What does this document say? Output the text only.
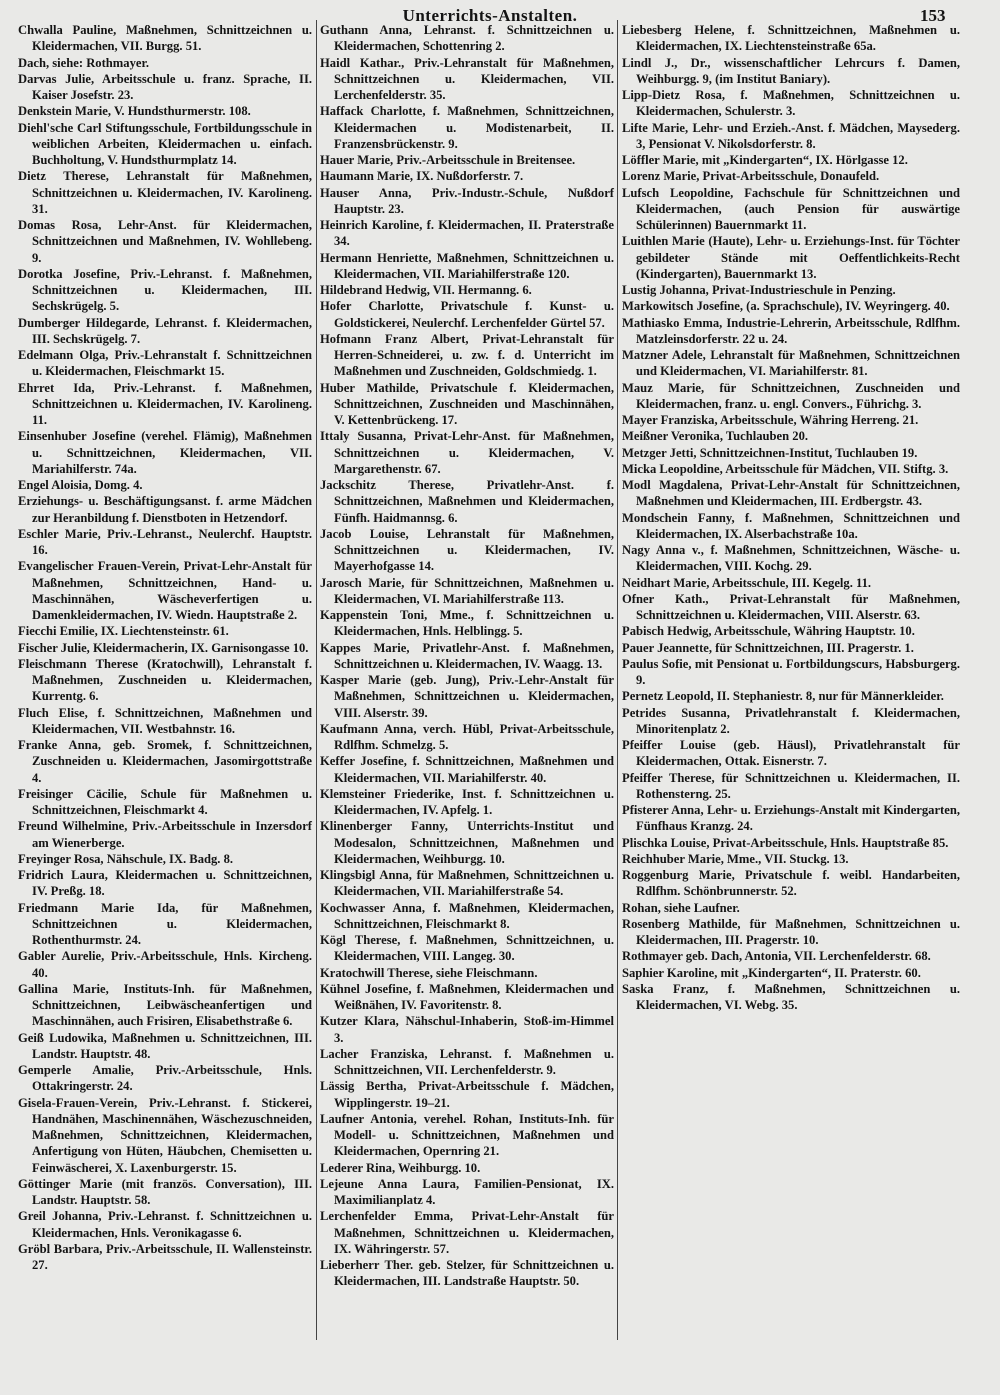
Unterrichts-Anstalten.	153

Chwalla Pauline, Maßnehmen, Schnittzeichnen u. Kleidermachen, VII. Burgg. 51.

Dach, siehe: Rothmayer.

Darvas Julie, Arbeitsschule u. franz. Sprache, II. Kaiser Josefstr. 23.

Denkstein Marie, V. Hundsthurmerstr. 108.

Diehl'sche Carl Stiftungsschule, Fortbildungsschule in weiblichen Arbeiten, Kleidermachen u. einfach. Buchholtung, V. Hundsthurmplatz 14.

Dietz Therese, Lehranstalt für Maßnehmen, Schnittzeichnen u. Kleidermachen, IV. Karolineng. 31.

Domas Rosa, Lehr-Anst. für Kleidermachen, Schnittzeichnen und Maßnehmen, IV. Wohllebeng. 9.

Dorotka Josefine, Priv.-Lehranst. f. Maßnehmen, Schnittzeichnen u. Kleidermachen, III. Sechskrügelg. 5.

Dumberger Hildegarde, Lehranst. f. Kleidermachen, III. Sechskrügelg. 7.

Edelmann Olga, Priv.-Lehranstalt f. Schnittzeichnen u. Kleidermachen, Fleischmarkt 15.

Ehrret Ida, Priv.-Lehranst. f. Maßnehmen, Schnittzeichnen u. Kleidermachen, IV. Karolineng. 11.

Einsenhuber Josefine (verehel. Flämig), Maßnehmen u. Schnittzeichnen, Kleidermachen, VII. Mariahilferstr. 74a.

Engel Aloisia, Domg. 4.

Erziehungs- u. Beschäftigungsanst. f. arme Mädchen zur Heranbildung f. Dienstboten in Hetzendorf.

Eschler Marie, Priv.-Lehranst., Neulerchf. Hauptstr. 16.

Evangelischer Frauen-Verein, Privat-Lehr-Anstalt für Maßnehmen, Schnittzeichnen, Hand- u. Maschinnähen, Wäscheverfertigen u. Damenkleidermachen, IV. Wiedn. Hauptstraße 2.

Fiecchi Emilie, IX. Liechtensteinstr. 61.

Fischer Julie, Kleidermacherin, IX. Garnisongasse 10.

Fleischmann Therese (Kratochwill), Lehranstalt f. Maßnehmen, Zuschneiden u. Kleidermachen, Kurrentg. 6.

Fluch Elise, f. Schnittzeichnen, Maßnehmen und Kleidermachen, VII. Westbahnstr. 16.

Franke Anna, geb. Sromek, f. Schnittzeichnen, Zuschneiden u. Kleidermachen, Jasomirgottstraße 4.

Freisinger Cäcilie, Schule für Maßnehmen u. Schnittzeichnen, Fleischmarkt 4.

Freund Wilhelmine, Priv.-Arbeitsschule in Inzersdorf am Wienerberge.

Freyinger Rosa, Nähschule, IX. Badg. 8.

Fridrich Laura, Kleidermachen u. Schnittzeichnen, IV. Preßg. 18.

Friedmann Marie Ida, für Maßnehmen, Schnittzeichnen u. Kleidermachen, Rothenthurmstr. 24.

Gabler Aurelie, Priv.-Arbeitsschule, Hnls. Kircheng. 40.

Gallina Marie, Instituts-Inh. für Maßnehmen, Schnittzeichnen, Leibwäscheanfertigen und Maschinnähen, auch Frisiren, Elisabethstraße 6.

Geiß Ludowika, Maßnehmen u. Schnittzeichnen, III. Landstr. Hauptstr. 48.

Gemperle Amalie, Priv.-Arbeitsschule, Hnls. Ottakringerstr. 24.

Gisela-Frauen-Verein, Priv.-Lehranst. f. Stickerei, Handnähen, Maschinennähen, Wäschezuschneiden, Maßnehmen, Schnittzeichnen, Kleidermachen, Anfertigung von Hüten, Häubchen, Chemisetten u. Feinwäscherei, X. Laxenburgerstr. 15.

Göttinger Marie (mit französ. Conversation), III. Landstr. Hauptstr. 58.

Greil Johanna, Priv.-Lehranst. f. Schnittzeichnen u. Kleidermachen, Hnls. Veronikagasse 6.

Gröbl Barbara, Priv.-Arbeitsschule, II. Wallensteinstr. 27.

Guthann Anna, Lehranst. f. Schnittzeichnen u. Kleidermachen, Schottenring 2.

Haidl Kathar., Priv.-Lehranstalt für Maßnehmen, Schnittzeichnen u. Kleidermachen, VII. Lerchenfelderstr. 35.

Haffack Charlotte, f. Maßnehmen, Schnittzeichnen, Kleidermachen u. Modistenarbeit, II. Franzensbrückenstr. 9.

Hauer Marie, Priv.-Arbeitsschule in Breitensee.

Haumann Marie, IX. Nußdorferstr. 7.

Hauser Anna, Priv.-Industr.-Schule, Nußdorf Hauptstr. 23.

Heinrich Karoline, f. Kleidermachen, II. Praterstraße 34.

Hermann Henriette, Maßnehmen, Schnittzeichnen u. Kleidermachen, VII. Mariahilferstraße 120.

Hildebrand Hedwig, VII. Hermanng. 6.

Hofer Charlotte, Privatschule f. Kunst- u. Goldstickerei, Neulerchf. Lerchenfelder Gürtel 57.

Hofmann Franz Albert, Privat-Lehranstalt für Herren-Schneiderei, u. zw. f. d. Unterricht im Maßnehmen und Zuschneiden, Goldschmiedg. 1.

Huber Mathilde, Privatschule f. Kleidermachen, Schnittzeichnen, Zuschneiden und Maschinnähen, V. Kettenbrückeng. 17.

Ittaly Susanna, Privat-Lehr-Anst. für Maßnehmen, Schnittzeichnen u. Kleidermachen, V. Margarethenstr. 67.

Jackschitz Therese, Privatlehr-Anst. f. Schnittzeichnen, Maßnehmen und Kleidermachen, Fünfh. Haidmannsg. 6.

Jacob Louise, Lehranstalt für Maßnehmen, Schnittzeichnen u. Kleidermachen, IV. Mayerhofgasse 14.

Jarosch Marie, für Schnittzeichnen, Maßnehmen u. Kleidermachen, VI. Mariahilferstraße 113.

Kappenstein Toni, Mme., f. Schnittzeichnen u. Kleidermachen, Hnls. Helblingg. 5.

Kappes Marie, Privatlehr-Anst. f. Maßnehmen, Schnittzeichnen u. Kleidermachen, IV. Waagg. 13.

Kasper Marie (geb. Jung), Priv.-Lehr-Anstalt für Maßnehmen, Schnittzeichnen u. Kleidermachen, VIII. Alserstr. 39.

Kaufmann Anna, verch. Hübl, Privat-Arbeitsschule, Rdlfhm. Schmelzg. 5.

Keffer Josefine, f. Schnittzeichnen, Maßnehmen und Kleidermachen, VII. Mariahilferstr. 40.

Klemsteiner Friederike, Inst. f. Schnittzeichnen u. Kleidermachen, IV. Apfelg. 1.

Klinenberger Fanny, Unterrichts-Institut und Modesalon, Schnittzeichnen, Maßnehmen und Kleidermachen, Weihburgg. 10.

Klingsbigl Anna, für Maßnehmen, Schnittzeichnen u. Kleidermachen, VII. Mariahilferstraße 54.

Kochwasser Anna, f. Maßnehmen, Kleidermachen, Schnittzeichnen, Fleischmarkt 8.

Kögl Therese, f. Maßnehmen, Schnittzeichnen, u. Kleidermachen, VIII. Langeg. 30.

Kratochwill Therese, siehe Fleischmann.

Kühnel Josefine, f. Maßnehmen, Kleidermachen und Weißnähen, IV. Favoritenstr. 8.

Kutzer Klara, Nähschul-Inhaberin, Stoß-im-Himmel 3.

Lacher Franziska, Lehranst. f. Maßnehmen u. Schnittzeichnen, VII. Lerchenfelderstr. 9.

Lässig Bertha, Privat-Arbeitsschule f. Mädchen, Wipplingerstr. 19–21.

Laufner Antonia, verehel. Rohan, Instituts-Inh. für Modell- u. Schnittzeichnen, Maßnehmen und Kleidermachen, Opernring 21.

Lederer Rina, Weihburgg. 10.

Lejeune Anna Laura, Familien-Pensionat, IX. Maximilianplatz 4.

Lerchenfelder Emma, Privat-Lehr-Anstalt für Maßnehmen, Schnittzeichnen u. Kleidermachen, IX. Währingerstr. 57.

Lieberherr Ther. geb. Stelzer, für Schnittzeichnen u. Kleidermachen, III. Landstraße Hauptstr. 50.

Liebesberg Helene, f. Schnittzeichnen, Maßnehmen u. Kleidermachen, IX. Liechtensteinstraße 65a.

Lindl J., Dr., wissenschaftlicher Lehrcurs f. Damen, Weihburgg. 9, (im Institut Baniary).

Lipp-Dietz Rosa, f. Maßnehmen, Schnittzeichnen u. Kleidermachen, Schulerstr. 3.

Lifte Marie, Lehr- und Erzieh.-Anst. f. Mädchen, Maysederg. 3, Pensionat V. Nikolsdorferstr. 8.

Löffler Marie, mit „Kindergarten“, IX. Hörlgasse 12.

Lorenz Marie, Privat-Arbeitsschule, Donaufeld.

Lufsch Leopoldine, Fachschule für Schnittzeichnen und Kleidermachen, (auch Pension für auswärtige Schülerinnen) Bauernmarkt 11.

Luithlen Marie (Haute), Lehr- u. Erziehungs-Inst. für Töchter gebildeter Stände mit Oeffentlichkeits-Recht (Kindergarten), Bauernmarkt 13.

Lustig Johanna, Privat-Industrieschule in Penzing.

Markowitsch Josefine, (a. Sprachschule), IV. Weyringerg. 40.

Mathiasko Emma, Industrie-Lehrerin, Arbeitsschule, Rdlfhm. Matzleinsdorferstr. 22 u. 24.

Matzner Adele, Lehranstalt für Maßnehmen, Schnittzeichnen und Kleidermachen, VI. Mariahilferstr. 81.

Mauz Marie, für Schnittzeichnen, Zuschneiden und Kleidermachen, franz. u. engl. Convers., Führichg. 3.

Mayer Franziska, Arbeitsschule, Währing Herreng. 21.

Meißner Veronika, Tuchlauben 20.

Metzger Jetti, Schnittzeichnen-Institut, Tuchlauben 19.

Micka Leopoldine, Arbeitsschule für Mädchen, VII. Stiftg. 3.

Modl Magdalena, Privat-Lehr-Anstalt für Schnittzeichnen, Maßnehmen und Kleidermachen, III. Erdbergstr. 43.

Mondschein Fanny, f. Maßnehmen, Schnittzeichnen und Kleidermachen, IX. Alserbachstraße 10a.

Nagy Anna v., f. Maßnehmen, Schnittzeichnen, Wäsche- u. Kleidermachen, VIII. Kochg. 29.

Neidhart Marie, Arbeitsschule, III. Kegelg. 11.

Ofner Kath., Privat-Lehranstalt für Maßnehmen, Schnittzeichnen u. Kleidermachen, VIII. Alserstr. 63.

Pabisch Hedwig, Arbeitsschule, Währing Hauptstr. 10.

Pauer Jeannette, für Schnittzeichnen, III. Pragerstr. 1.

Paulus Sofie, mit Pensionat u. Fortbildungscurs, Habsburgerg. 9.

Pernetz Leopold, II. Stephaniestr. 8, nur für Männerkleider.

Petrides Susanna, Privatlehranstalt f. Kleidermachen, Minoritenplatz 2.

Pfeiffer Louise (geb. Häusl), Privatlehranstalt für Kleidermachen, Ottak. Eisnerstr. 7.

Pfeiffer Therese, für Schnittzeichnen u. Kleidermachen, II. Rothensterng. 25.

Pfisterer Anna, Lehr- u. Erziehungs-Anstalt mit Kindergarten, Fünfhaus Kranzg. 24.

Plischka Louise, Privat-Arbeitsschule, Hnls. Hauptstraße 85.

Reichhuber Marie, Mme., VII. Stuckg. 13.

Roggenburg Marie, Privatschule f. weibl. Handarbeiten, Rdlfhm. Schönbrunnerstr. 52.

Rohan, siehe Laufner.

Rosenberg Mathilde, für Maßnehmen, Schnittzeichnen u. Kleidermachen, III. Pragerstr. 10.

Rothmayer geb. Dach, Antonia, VII. Lerchenfelderstr. 68.

Saphier Karoline, mit „Kindergarten“, II. Praterstr. 60.

Saska Franz, f. Maßnehmen, Schnittzeichnen u. Kleidermachen, VI. Webg. 35.
